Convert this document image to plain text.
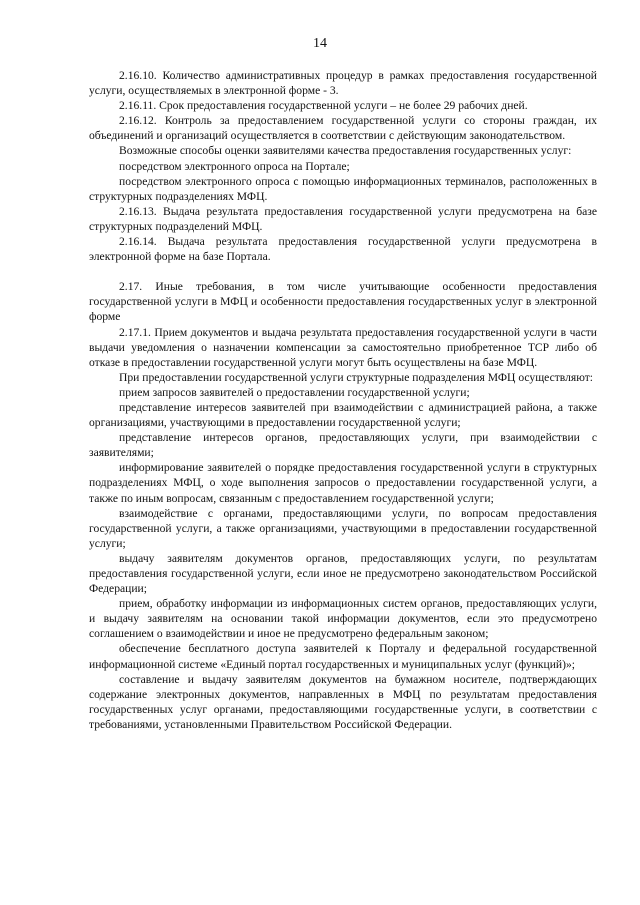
14

2.16.10. Количество административных процедур в рамках предоставления государственной услуги, осуществляемых в электронной форме - 3.

2.16.11. Срок предоставления государственной услуги – не более 29 рабочих дней.

2.16.12. Контроль за предоставлением государственной услуги со стороны граждан, их объединений и организаций осуществляется в соответствии с действующим законодательством.

Возможные способы оценки заявителями качества предоставления государственных услуг:

посредством электронного опроса на Портале;

посредством электронного опроса с помощью информационных терминалов, расположенных в структурных подразделениях МФЦ.

2.16.13. Выдача результата предоставления государственной услуги предусмотрена на базе структурных подразделений МФЦ.

2.16.14. Выдача результата предоставления государственной услуги предусмотрена в электронной форме на базе Портала.

2.17. Иные требования, в том числе учитывающие особенности предоставления государственной услуги в МФЦ и особенности предоставления государственных услуг в электронной форме

2.17.1. Прием документов и выдача результата предоставления государственной услуги в части выдачи уведомления о назначении компенсации за самостоятельно приобретенное ТСР либо об отказе в предоставлении государственной услуги могут быть осуществлены на базе МФЦ.

При предоставлении государственной услуги структурные подразделения МФЦ осуществляют:

прием запросов заявителей о предоставлении государственной услуги;

представление интересов заявителей при взаимодействии с администрацией района, а также организациями, участвующими в предоставлении государственной услуги;

представление интересов органов, предоставляющих услуги, при взаимодействии с заявителями;

информирование заявителей о порядке предоставления государственной услуги в структурных подразделениях МФЦ, о ходе выполнения запросов о предоставлении государственной услуги, а также по иным вопросам, связанным с предоставлением государственной услуги;

взаимодействие с органами, предоставляющими услуги, по вопросам предоставления государственной услуги, а также организациями, участвующими в предоставлении государственной услуги;

выдачу заявителям документов органов, предоставляющих услуги, по результатам предоставления государственной услуги, если иное не предусмотрено законодательством Российской Федерации;

прием, обработку информации из информационных систем органов, предоставляющих услуги, и выдачу заявителям на основании такой информации документов, если это предусмотрено соглашением о взаимодействии и иное не предусмотрено федеральным законом;

обеспечение бесплатного доступа заявителей к Порталу и федеральной государственной информационной системе «Единый портал государственных и муниципальных услуг (функций)»;

составление и выдачу заявителям документов на бумажном носителе, подтверждающих содержание электронных документов, направленных в МФЦ по результатам предоставления государственных услуг органами, предоставляющими государственные услуги, в соответствии с требованиями, установленными Правительством Российской Федерации.
